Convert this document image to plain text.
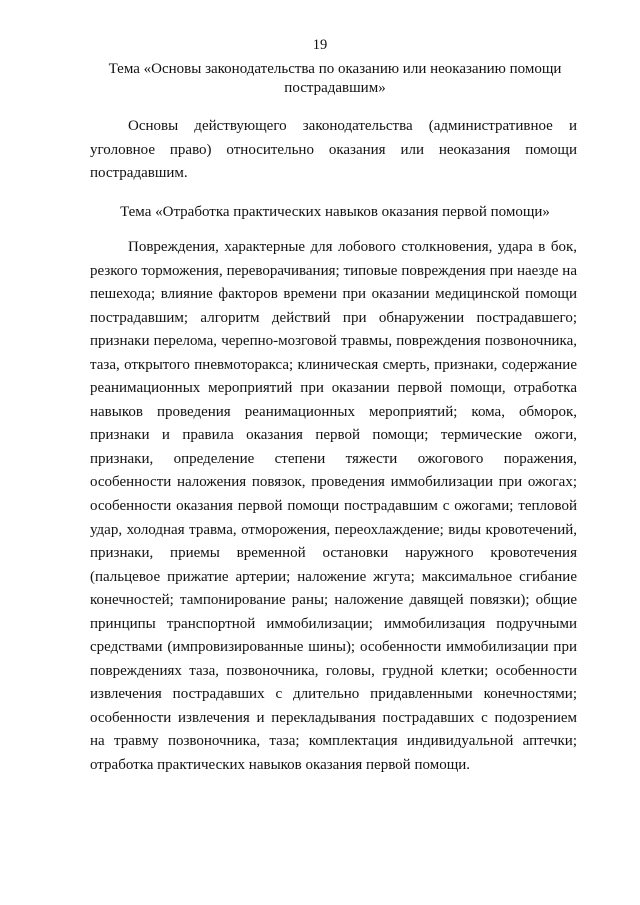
19
Тема «Основы законодательства по оказанию или неоказанию помощи пострадавшим»

Основы действующего законодательства (административное и уголовное право) относительно оказания или неоказания помощи пострадавшим.

Тема «Отработка практических навыков оказания первой помощи»

Повреждения, характерные для лобового столкновения, удара в бок, резкого торможения, переворачивания; типовые повреждения при наезде на пешехода; влияние факторов времени при оказании медицинской помощи пострадавшим; алгоритм действий при обнаружении пострадавшего; признаки перелома, черепно-мозговой травмы, повреждения позвоночника, таза, открытого пневмоторакса; клиническая смерть, признаки, содержание реанимационных мероприятий при оказании первой помощи, отработка навыков проведения реанимационных мероприятий; кома, обморок, признаки и правила оказания первой помощи; термические ожоги, признаки, определение степени тяжести ожогового поражения, особенности наложения повязок, проведения иммобилизации при ожогах; особенности оказания первой помощи пострадавшим с ожогами; тепловой удар, холодная травма, отморожения, переохлаждение; виды кровотечений, признаки, приемы временной остановки наружного кровотечения (пальцевое прижатие артерии; наложение жгута; максимальное сгибание конечностей; тампонирование раны; наложение давящей повязки); общие принципы транспортной иммобилизации; иммобилизация подручными средствами (импровизированные шины); особенности иммобилизации при повреждениях таза, позвоночника, головы, грудной клетки; особенности извлечения пострадавших с длительно придавленными конечностями; особенности извлечения и перекладывания пострадавших с подозрением на травму позвоночника, таза; комплектация индивидуальной аптечки; отработка практических навыков оказания первой помощи.
